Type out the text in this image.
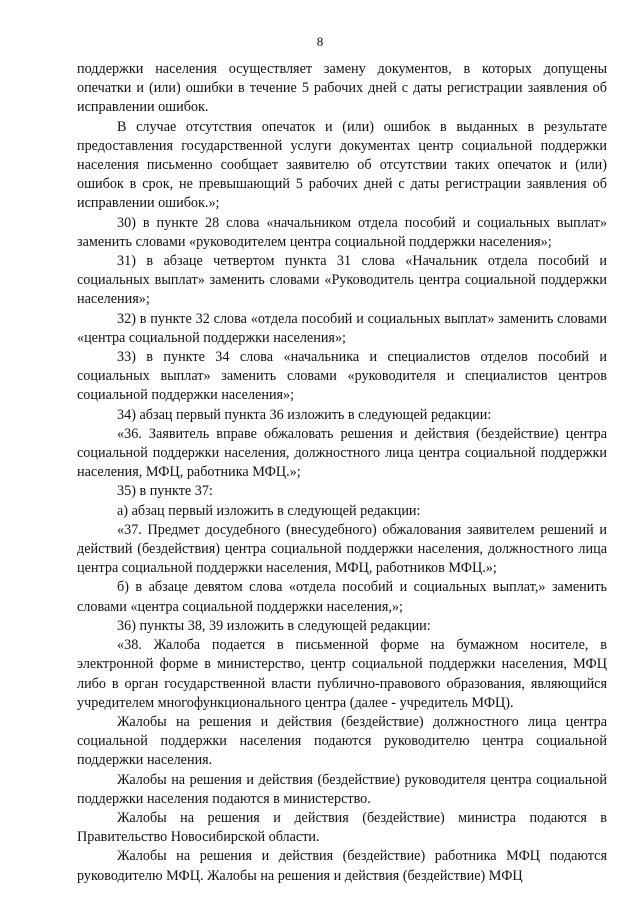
8

поддержки населения осуществляет замену документов, в которых допущены опечатки и (или) ошибки в течение 5 рабочих дней с даты регистрации заявления об исправлении ошибок.

В случае отсутствия опечаток и (или) ошибок в выданных в результате предоставления государственной услуги документах центр социальной поддержки населения письменно сообщает заявителю об отсутствии таких опечаток и (или) ошибок в срок, не превышающий 5 рабочих дней с даты регистрации заявления об исправлении ошибок.»;

30) в пункте 28 слова «начальником отдела пособий и социальных выплат» заменить словами «руководителем центра социальной поддержки населения»;

31) в абзаце четвертом пункта 31 слова «Начальник отдела пособий и социальных выплат» заменить словами «Руководитель центра социальной поддержки населения»;

32) в пункте 32 слова «отдела пособий и социальных выплат» заменить словами «центра социальной поддержки населения»;

33) в пункте 34 слова «начальника и специалистов отделов пособий и социальных выплат» заменить словами «руководителя и специалистов центров социальной поддержки населения»;

34) абзац первый пункта 36 изложить в следующей редакции:

«36. Заявитель вправе обжаловать решения и действия (бездействие) центра социальной поддержки населения, должностного лица центра социальной поддержки населения, МФЦ, работника МФЦ.»;

35) в пункте 37:

а) абзац первый изложить в следующей редакции:

«37. Предмет досудебного (внесудебного) обжалования заявителем решений и действий (бездействия) центра социальной поддержки населения, должностного лица центра социальной поддержки населения, МФЦ, работников МФЦ.»;

б) в абзаце девятом слова «отдела пособий и социальных выплат,» заменить словами «центра социальной поддержки населения,»;

36) пункты 38, 39 изложить в следующей редакции:

«38. Жалоба подается в письменной форме на бумажном носителе, в электронной форме в министерство, центр социальной поддержки населения, МФЦ либо в орган государственной власти публично-правового образования, являющийся учредителем многофункционального центра (далее - учредитель МФЦ).

Жалобы на решения и действия (бездействие) должностного лица центра социальной поддержки населения подаются руководителю центра социальной поддержки населения.

Жалобы на решения и действия (бездействие) руководителя центра социальной поддержки населения подаются в министерство.

Жалобы на решения и действия (бездействие) министра подаются в Правительство Новосибирской области.

Жалобы на решения и действия (бездействие) работника МФЦ подаются руководителю МФЦ. Жалобы на решения и действия (бездействие) МФЦ
